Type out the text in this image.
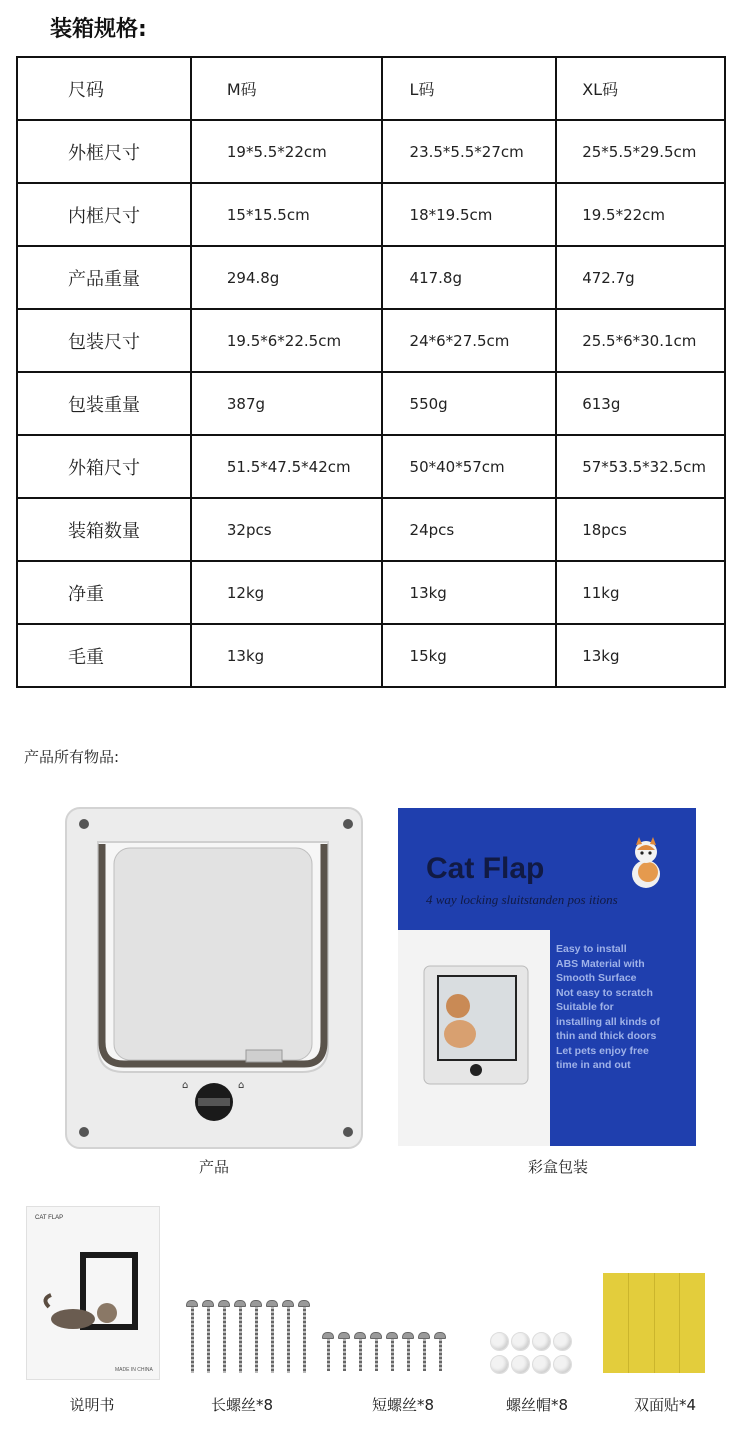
装箱规格:
尺码	M码	L码	XL码
外框尺寸	19*5.5*22cm	23.5*5.5*27cm	25*5.5*29.5cm
内框尺寸	15*15.5cm	18*19.5cm	19.5*22cm
产品重量	294.8g	417.8g	472.7g
包装尺寸	19.5*6*22.5cm	24*6*27.5cm	25.5*6*30.1cm
包装重量	387g	550g	613g
外箱尺寸	51.5*47.5*42cm	50*40*57cm	57*53.5*32.5cm
装箱数量	32pcs	24pcs	18pcs
净重	12kg	13kg	11kg
毛重	13kg	15kg	13kg
产品所有物品:
⌂	⌂
产品
Cat Flap
4 way locking sluitstanden pos itions
Easy to install
ABS Material with
Smooth Surface
Not easy to scratch
Suitable for
installing all kinds of
thin and thick doors
Let pets enjoy free
time in and out
彩盒包装
CAT FLAP
MADE IN CHINA
说明书	长螺丝*8	短螺丝*8	螺丝帽*8	双面贴*4
